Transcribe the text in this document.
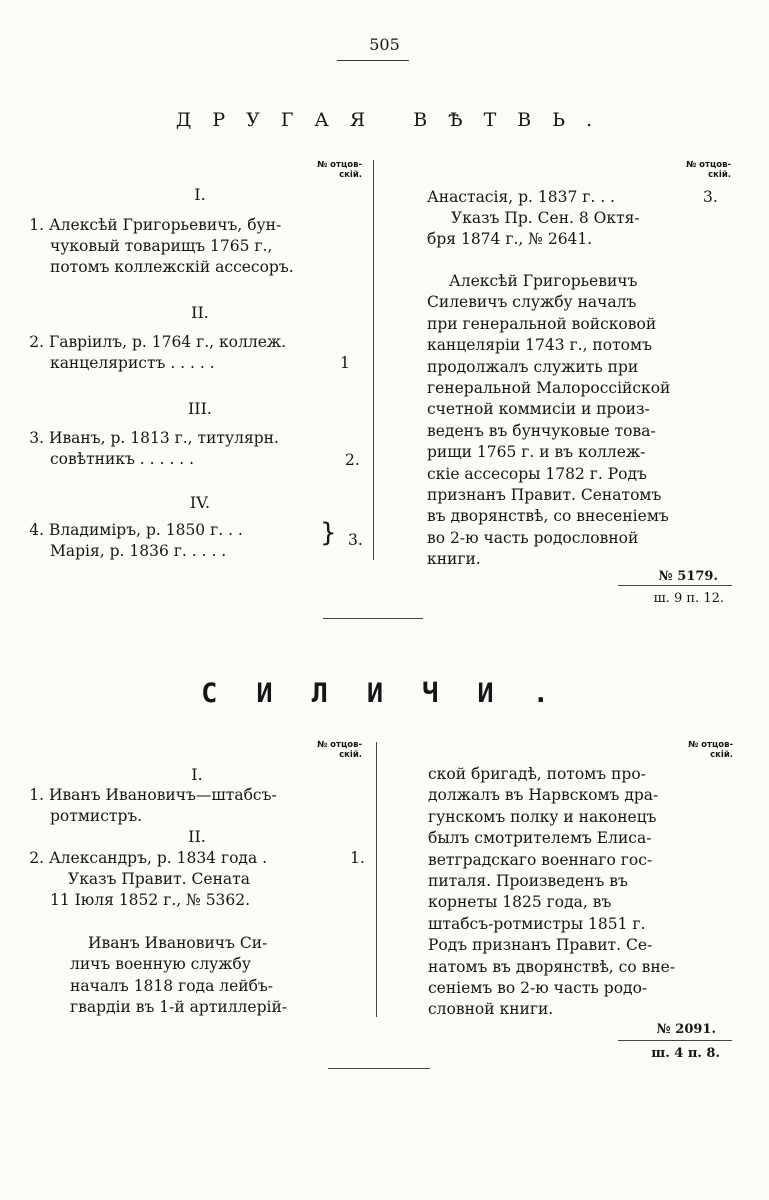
505
ДРУГАЯ ВѢТВЬ.
№ отцов-
скій.
№ отцов-
скій.
I.
1. Алексѣй Григорьевичъ, бун-
чуковый товарищъ 1765 г.,
потомъ коллежскій ассесоръ.
II.
2. Гавріилъ, р. 1764 г., коллеж.
канцеляристъ . . . . .	1
III.
3. Иванъ, р. 1813 г., титулярн.
совѣтникъ . . . . . .	2.
IV.
4. Владиміръ, р. 1850 г. . .
Марія, р. 1836 г. . . . .
} 3.
Анастасія, р. 1837 г. . .
Указъ Пр. Сен. 8 Октя-
бря 1874 г., № 2641.
3.
Алексѣй Григорьевичъ
Силевичъ службу началъ
при генеральной войсковой
канцеляріи 1743 г., потомъ
продолжалъ служить при
генеральной Малороссійской
счетной коммисіи и произ-
веденъ въ бунчуковые това-
рищи 1765 г. и въ коллеж-
скіе ассесоры 1782 г. Родъ
признанъ Правит. Сенатомъ
въ дворянствѣ, со внесеніемъ
во 2-ю часть родословной
книги.
№ 5179.
ш. 9 п. 12.
СИЛИЧИ.
№ отцов-
скій.
№ отцов-
скій.
I.
1. Иванъ Ивановичъ—штабсъ-
ротмистръ.
II.
2. Александръ, р. 1834 года .
Указъ Правит. Сената
11 Іюля 1852 г., № 5362.
1.
Иванъ Ивановичъ Си-
личъ военную службу
началъ 1818 года лейбъ-
гвардіи въ 1-й артиллерій-
ской бригадѣ, потомъ про-
должалъ въ Нарвскомъ дра-
гунскомъ полку и наконецъ
былъ смотрителемъ Елиса-
ветградскаго военнаго гос-
питаля. Произведенъ въ
корнеты 1825 года, въ
штабсъ-ротмистры 1851 г.
Родъ признанъ Правит. Се-
натомъ въ дворянствѣ, со вне-
сеніемъ во 2-ю часть родо-
словной книги.
№ 2091.
ш. 4 п. 8.
